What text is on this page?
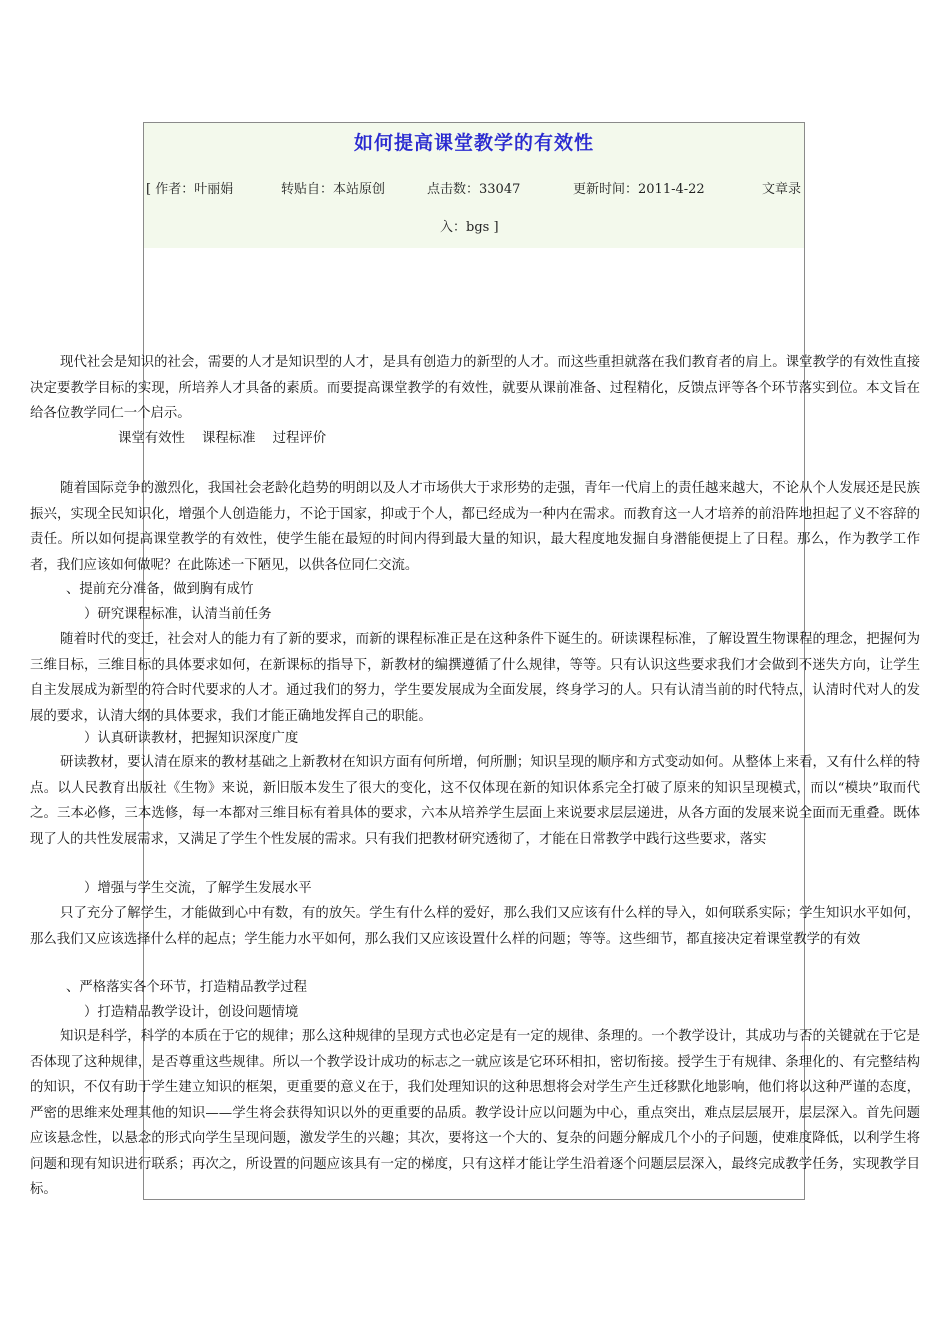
如何提高课堂教学的有效性
[ 作者：叶丽娟	转贴自：本站原创	点击数：33047	更新时间：2011-4-22	文章录
入：bgs ]

现代社会是知识的社会，需要的人才是知识型的人才，是具有创造力的新型的人才。而这些重担就落在我们教育者的肩上。课堂教学的有效性直接决定要教学目标的实现，所培养人才具备的素质。而要提高课堂教学的有效性，就要从课前准备、过程精化，反馈点评等各个环节落实到位。本文旨在给各位教学同仁一个启示。

课堂有效性    课程标准    过程评价

随着国际竞争的激烈化，我国社会老龄化趋势的明朗以及人才市场供大于求形势的走强，青年一代肩上的责任越来越大，不论从个人发展还是民族振兴，实现全民知识化，增强个人创造能力，不论于国家，抑或于个人，都已经成为一种内在需求。而教育这一人才培养的前沿阵地担起了义不容辞的责任。所以如何提高课堂教学的有效性，使学生能在最短的时间内得到最大量的知识，最大程度地发掘自身潜能便提上了日程。那么，作为教学工作者，我们应该如何做呢？在此陈述一下陋见，以供各位同仁交流。

、提前充分准备，做到胸有成竹

）研究课程标准，认清当前任务

随着时代的变迁，社会对人的能力有了新的要求，而新的课程标准正是在这种条件下诞生的。研读课程标准，了解设置生物课程的理念，把握何为三维目标，三维目标的具体要求如何，在新课标的指导下，新教材的编撰遵循了什么规律，等等。只有认识这些要求我们才会做到不迷失方向，让学生自主发展成为新型的符合时代要求的人才。通过我们的努力，学生要发展成为全面发展，终身学习的人。只有认清当前的时代特点，认清时代对人的发展的要求，认清大纲的具体要求，我们才能正确地发挥自己的职能。

）认真研读教材，把握知识深度广度

研读教材，要认清在原来的教材基础之上新教材在知识方面有何所增，何所删；知识呈现的顺序和方式变动如何。从整体上来看，又有什么样的特点。以人民教育出版社《生物》来说，新旧版本发生了很大的变化，这不仅体现在新的知识体系完全打破了原来的知识呈现模式，而以“模块”取而代之。三本必修，三本选修，每一本都对三维目标有着具体的要求，六本从培养学生层面上来说要求层层递进，从各方面的发展来说全面而无重叠。既体现了人的共性发展需求，又满足了学生个性发展的需求。只有我们把教材研究透彻了，才能在日常教学中践行这些要求，落实

）增强与学生交流，了解学生发展水平

只了充分了解学生，才能做到心中有数，有的放矢。学生有什么样的爱好，那么我们又应该有什么样的导入，如何联系实际；学生知识水平如何，那么我们又应该选择什么样的起点；学生能力水平如何，那么我们又应该设置什么样的问题；等等。这些细节，都直接决定着课堂教学的有效

、严格落实各个环节，打造精品教学过程

）打造精品教学设计，创设问题情境

知识是科学，科学的本质在于它的规律；那么这种规律的呈现方式也必定是有一定的规律、条理的。一个教学设计，其成功与否的关键就在于它是否体现了这种规律，是否尊重这些规律。所以一个教学设计成功的标志之一就应该是它环环相扣，密切衔接。授学生于有规律、条理化的、有完整结构的知识，不仅有助于学生建立知识的框架，更重要的意义在于，我们处理知识的这种思想将会对学生产生迁移默化地影响，他们将以这种严谨的态度，严密的思维来处理其他的知识——学生将会获得知识以外的更重要的品质。教学设计应以问题为中心，重点突出，难点层层展开，层层深入。首先问题应该悬念性，以悬念的形式向学生呈现问题，激发学生的兴趣；其次，要将这一个大的、复杂的问题分解成几个小的子问题，使难度降低，以利学生将问题和现有知识进行联系；再次之，所设置的问题应该具有一定的梯度，只有这样才能让学生沿着逐个问题层层深入，最终完成教学任务，实现教学目标。
